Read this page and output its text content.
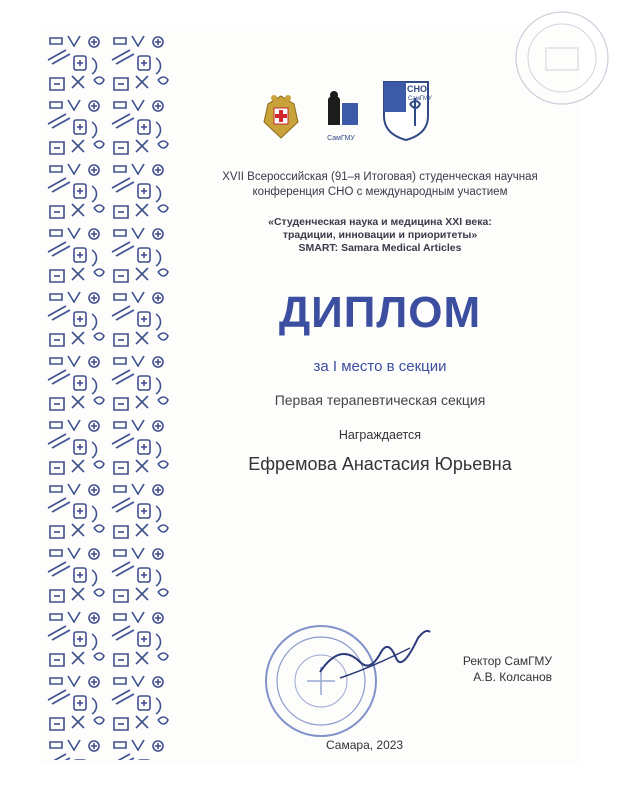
СамГМУ
СНО
СамГМУ
XVII Всероссийская (91–я Итоговая) студенческая научная
конференция СНО с международным участием
«Студенческая наука и медицина XXI века:
традиции, инновации и приоритеты»
SMART: Samara Medical Articles
ДИПЛОМ
за I место в секции
Первая терапевтическая секция
Награждается
Ефремова Анастасия Юрьевна
Ректор СамГМУ
А.В. Колсанов
Самара, 2023
